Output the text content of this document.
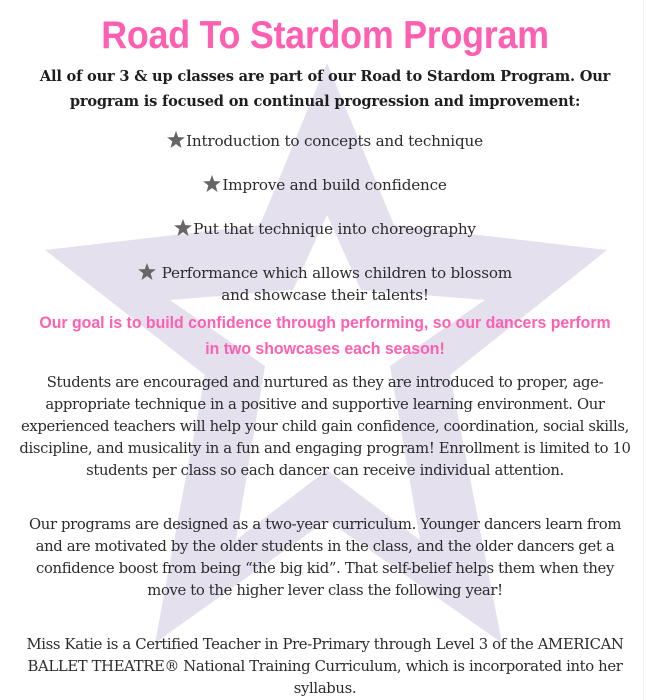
Road To Stardom Program
All of our 3 & up classes are part of our Road to Stardom Program. Our program is focused on continual progression and improvement:
Introduction to concepts and technique
Improve and build confidence
Put that technique into choreography
Performance which allows children to blossom
and showcase their talents!
Our goal is to build confidence through performing, so our dancers perform in two showcases each season!
Students are encouraged and nurtured as they are introduced to proper, age-appropriate technique in a positive and supportive learning environment. Our experienced teachers will help your child gain confidence, coordination, social skills, discipline, and musicality in a fun and engaging program! Enrollment is limited to 10 students per class so each dancer can receive individual attention.
Our programs are designed as a two-year curriculum. Younger dancers learn from and are motivated by the older students in the class, and the older dancers get a confidence boost from being “the big kid”. That self-belief helps them when they move to the higher lever class the following year!
Miss Katie is a Certified Teacher in Pre-Primary through Level 3 of the AMERICAN BALLET THEATRE® National Training Curriculum, which is incorporated into her syllabus.
